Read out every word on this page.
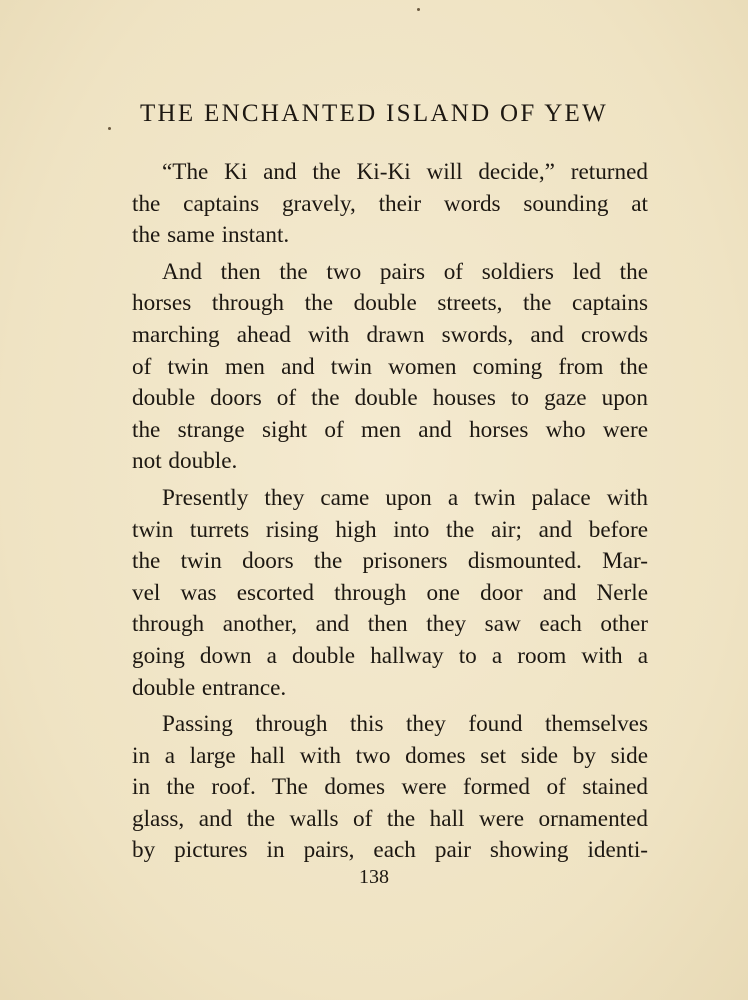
THE ENCHANTED ISLAND OF YEW
“The Ki and the Ki-Ki will decide,” returned
the captains gravely, their words sounding at
the same instant.
And then the two pairs of soldiers led the
horses through the double streets, the captains
marching ahead with drawn swords, and crowds
of twin men and twin women coming from the
double doors of the double houses to gaze upon
the strange sight of men and horses who were
not double.
Presently they came upon a twin palace with
twin turrets rising high into the air; and before
the twin doors the prisoners dismounted. Mar-
vel was escorted through one door and Nerle
through another, and then they saw each other
going down a double hallway to a room with a
double entrance.
Passing through this they found themselves
in a large hall with two domes set side by side
in the roof. The domes were formed of stained
glass, and the walls of the hall were ornamented
by pictures in pairs, each pair showing identi-
138
